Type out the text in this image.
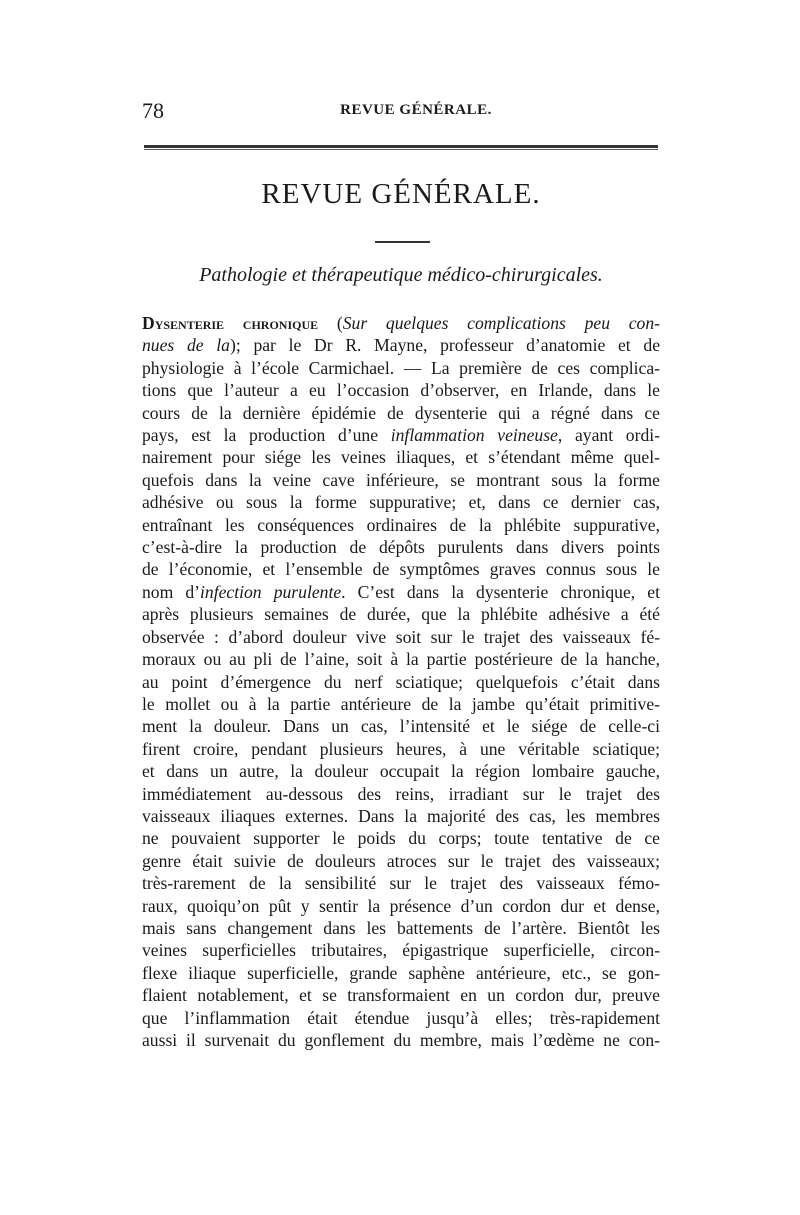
78	REVUE GÉNÉRALE.
REVUE GÉNÉRALE.
Pathologie et thérapeutique médico-chirurgicales.
Dysenterie chronique (Sur quelques complications peu con-
nues de la); par le Dr R. Mayne, professeur d’anatomie et de
physiologie à l’école Carmichael. — La première de ces complica-
tions que l’auteur a eu l’occasion d’observer, en Irlande, dans le
cours de la dernière épidémie de dysenterie qui a régné dans ce
pays, est la production d’une inflammation veineuse, ayant ordi-
nairement pour siége les veines iliaques, et s’étendant même quel-
quefois dans la veine cave inférieure, se montrant sous la forme
adhésive ou sous la forme suppurative; et, dans ce dernier cas,
entraînant les conséquences ordinaires de la phlébite suppurative,
c’est-à-dire la production de dépôts purulents dans divers points
de l’économie, et l’ensemble de symptômes graves connus sous le
nom d’infection purulente. C’est dans la dysenterie chronique, et
après plusieurs semaines de durée, que la phlébite adhésive a été
observée : d’abord douleur vive soit sur le trajet des vaisseaux fé-
moraux ou au pli de l’aine, soit à la partie postérieure de la hanche,
au point d’émergence du nerf sciatique; quelquefois c’était dans
le mollet ou à la partie antérieure de la jambe qu’était primitive-
ment la douleur. Dans un cas, l’intensité et le siége de celle-ci
firent croire, pendant plusieurs heures, à une véritable sciatique;
et dans un autre, la douleur occupait la région lombaire gauche,
immédiatement au-dessous des reins, irradiant sur le trajet des
vaisseaux iliaques externes. Dans la majorité des cas, les membres
ne pouvaient supporter le poids du corps; toute tentative de ce
genre était suivie de douleurs atroces sur le trajet des vaisseaux;
très-rarement de la sensibilité sur le trajet des vaisseaux fémo-
raux, quoiqu’on pût y sentir la présence d’un cordon dur et dense,
mais sans changement dans les battements de l’artère. Bientôt les
veines superficielles tributaires, épigastrique superficielle, circon-
flexe iliaque superficielle, grande saphène antérieure, etc., se gon-
flaient notablement, et se transformaient en un cordon dur, preuve
que l’inflammation était étendue jusqu’à elles; très-rapidement
aussi il survenait du gonflement du membre, mais l’œdème ne con-
